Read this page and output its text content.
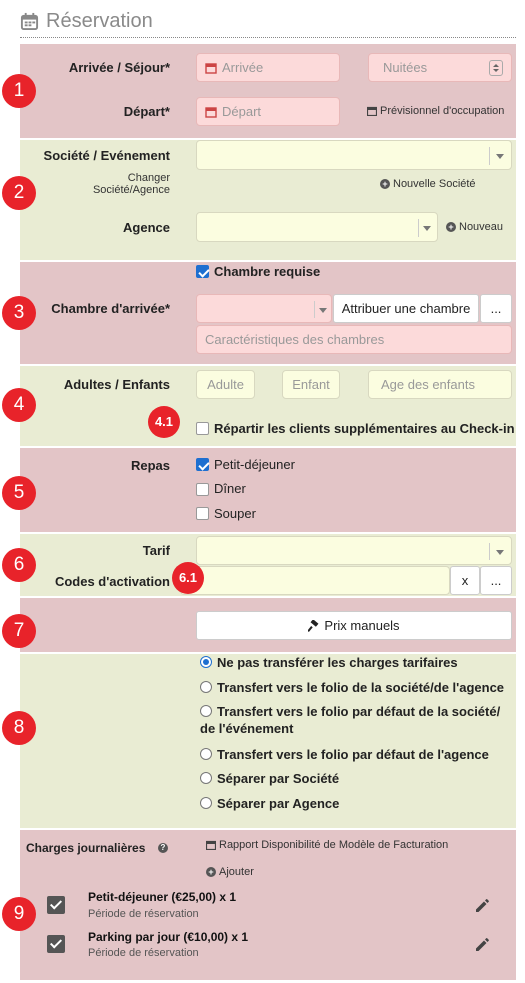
Réservation
1
Arrivée / Séjour*	Arrivée	Nuitées
Départ*	Départ	Prévisionnel d'occupation
2
Société / Evénement
Changer Société/Agence	+ Nouvelle Société
Agence	+ Nouveau
3
Chambre requise
Chambre d'arrivée*	Attribuer une chambre	...
Caractéristiques des chambres
4
Adultes / Enfants	Adulte	Enfant	Age des enfants
4.1	Répartir les clients supplémentaires au Check-in
5
Repas	Petit-déjeuner
Dîner
Souper
6
Tarif
Codes d'activation 6.1	x	...
7	Prix manuels
8
Ne pas transférer les charges tarifaires
Transfert vers le folio de la société/de l'agence
Transfert vers le folio par défaut de la société/
de l'événement
Transfert vers le folio par défaut de l'agence
Séparer par Société
Séparer par Agence
Charges journalières	?	Rapport Disponibilité de Modèle de Facturation
+ Ajouter
9
Petit-déjeuner (€25,00) x 1
Période de réservation
Parking par jour (€10,00) x 1
Période de réservation
